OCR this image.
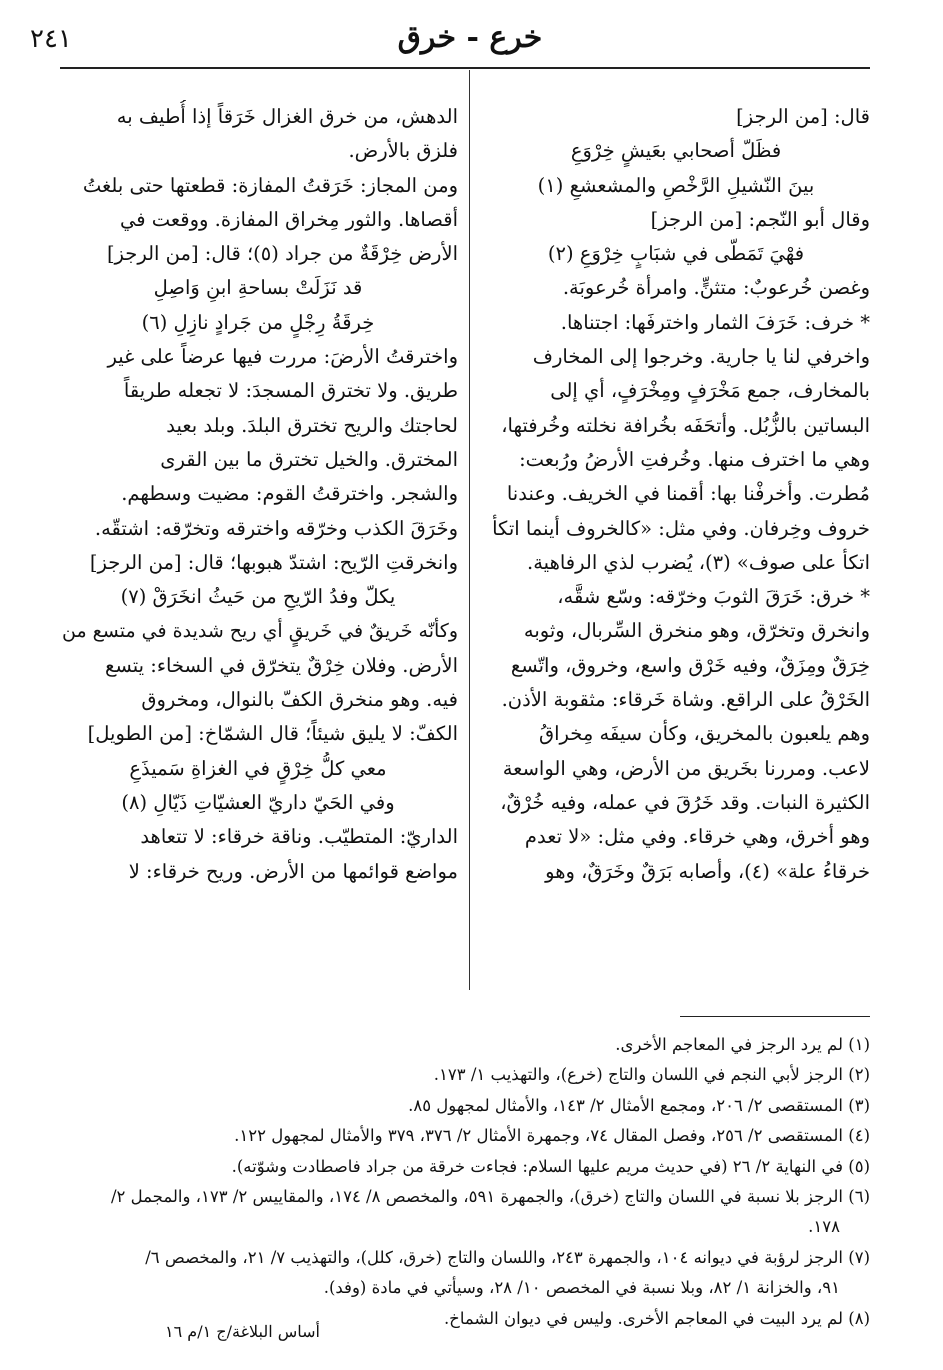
خرع - خرق
٢٤١
قال: [من الرجز]
فظَلّ أصحابي بعَيشٍ خِرْوَعِ
بينَ النّشيلِ الرَّخْصِ والمشعشعِ (١)
وقال أبو النّجم: [من الرجز]
فهْيَ تَمَطّى في شبَابٍ خِرْوَعِ (٢)
وغصن خُرعوبٌ: متثنٍّ. وامرأة خُرعوبَة.
* خرف: خَرَفَ الثمار واخترفَها: اجتناها.
واخرفي لنا يا جارية. وخرجوا إلى المخارف
بالمخارف، جمع مَخْرَفٍ ومِخْرَفٍ، أي إلى
البساتين بالزُّبُل. وأتحَفَه بخُرافة نخلته وخُرفتها،
وهي ما اخترف منها. وخُرفتِ الأرضُ ورُبعت:
مُطرت. وأخرفْنا بها: أقمنا في الخريف. وعندنا
خروف وخِرفان. وفي مثل: «كالخروف أينما اتكأ
اتكأ على صوف» (٣)، يُضرب لذي الرفاهية.
* خرق: خَرَقَ الثوبَ وخرّقه: وسّع شقَّه،
وانخرق وتخرّق، وهو منخرق السِّربال، وثوبه
خِرَقٌ ومِزَقٌ، وفيه خَرْق واسع، وخروق، واتّسع
الخَرْقُ على الراقع. وشاة خَرقاء: مثقوبة الأذن.
وهم يلعبون بالمخريق، وكأن سيفَه مِخراقُ
لاعب. ومررنا بخَريق من الأرض، وهي الواسعة
الكثيرة النبات. وقد خَرُقَ في عمله، وفيه خُرْقٌ،
وهو أخرق، وهي خرقاء. وفي مثل: «لا تعدم
خرقاءُ علة» (٤)، وأصابه بَرَقٌ وخَرَقٌ، وهو
الدهش، من خرق الغزال خَرَقاً إذا أُطيف به
فلزق بالأرض.
ومن المجاز: خَرَقتُ المفازة: قطعتها حتى بلغتُ
أقصاها. والثور مِخراق المفازة. ووقعت في
الأرض خِرْقَةٌ من جراد (٥)؛ قال: [من الرجز]
قد نَزَلَتْ بساحةِ ابنِ وَاصِلِ
خِرقَةُ رِجْلٍ من جَرادٍ نازِلِ (٦)
واخترقتُ الأرضَ: مررت فيها عرضاً على غير
طريق. ولا تخترق المسجدَ: لا تجعله طريقاً
لحاجتك والريح تخترق البلدَ. وبلد بعيد
المخترق. والخيل تخترق ما بين القرى
والشجر. واخترقتُ القوم: مضيت وسطهم.
وخَرَقَ الكذب وخرّقه واخترقه وتخرّقه: اشتقّه.
وانخرقتِ الرّيح: اشتدّ هبوبها؛ قال: [من الرجز]
يكلّ وفدُ الرّيحِ من حَيثُ انخَرَقْ (٧)
وكأنّه خَريقٌ في خَريقٍ أي ريح شديدة في متسع من
الأرض. وفلان خِرْقٌ يتخرّق في السخاء: يتسع
فيه. وهو منخرق الكفّ بالنوال، ومخروق
الكفّ: لا يليق شيئاً؛ قال الشمّاخ: [من الطويل]
معي كلُّ خِرْقٍ في الغزاةِ سَميذَعِ
وفي الحَيّ داريّ العشيّاتِ ذَيّالِ (٨)
الداريّ: المتطيّب. وناقة خرقاء: لا تتعاهد
مواضع قوائمها من الأرض. وريح خرقاء: لا
(١) لم يرد الرجز في المعاجم الأخرى.
(٢) الرجز لأبي النجم في اللسان والتاج (خرع)، والتهذيب ١/ ١٧٣.
(٣) المستقصى ٢/ ٢٠٦، ومجمع الأمثال ٢/ ١٤٣، والأمثال لمجهول ٨٥.
(٤) المستقصى ٢/ ٢٥٦، وفصل المقال ٧٤، وجمهرة الأمثال ٢/ ٣٧٦، ٣٧٩ والأمثال لمجهول ١٢٢.
(٥) في النهاية ٢/ ٢٦ (في حديث مريم عليها السلام: فجاءت خرقة من جراد فاصطادت وشوّته).
(٦) الرجز بلا نسبة في اللسان والتاج (خرق)، والجمهرة ٥٩١، والمخصص ٨/ ١٧٤، والمقاييس ٢/ ١٧٣، والمجمل ٢/
١٧٨.
(٧) الرجز لرؤبة في ديوانه ١٠٤، والجمهرة ٢٤٣، واللسان والتاج (خرق، كلل)، والتهذيب ٧/ ٢١، والمخصص ٦/
٩١، والخزانة ١/ ٨٢، وبلا نسبة في المخصص ١٠/ ٢٨، وسيأتي في مادة (وفد).
(٨) لم يرد البيت في المعاجم الأخرى. وليس في ديوان الشماخ.
أساس البلاغة/ج ١/م ١٦
